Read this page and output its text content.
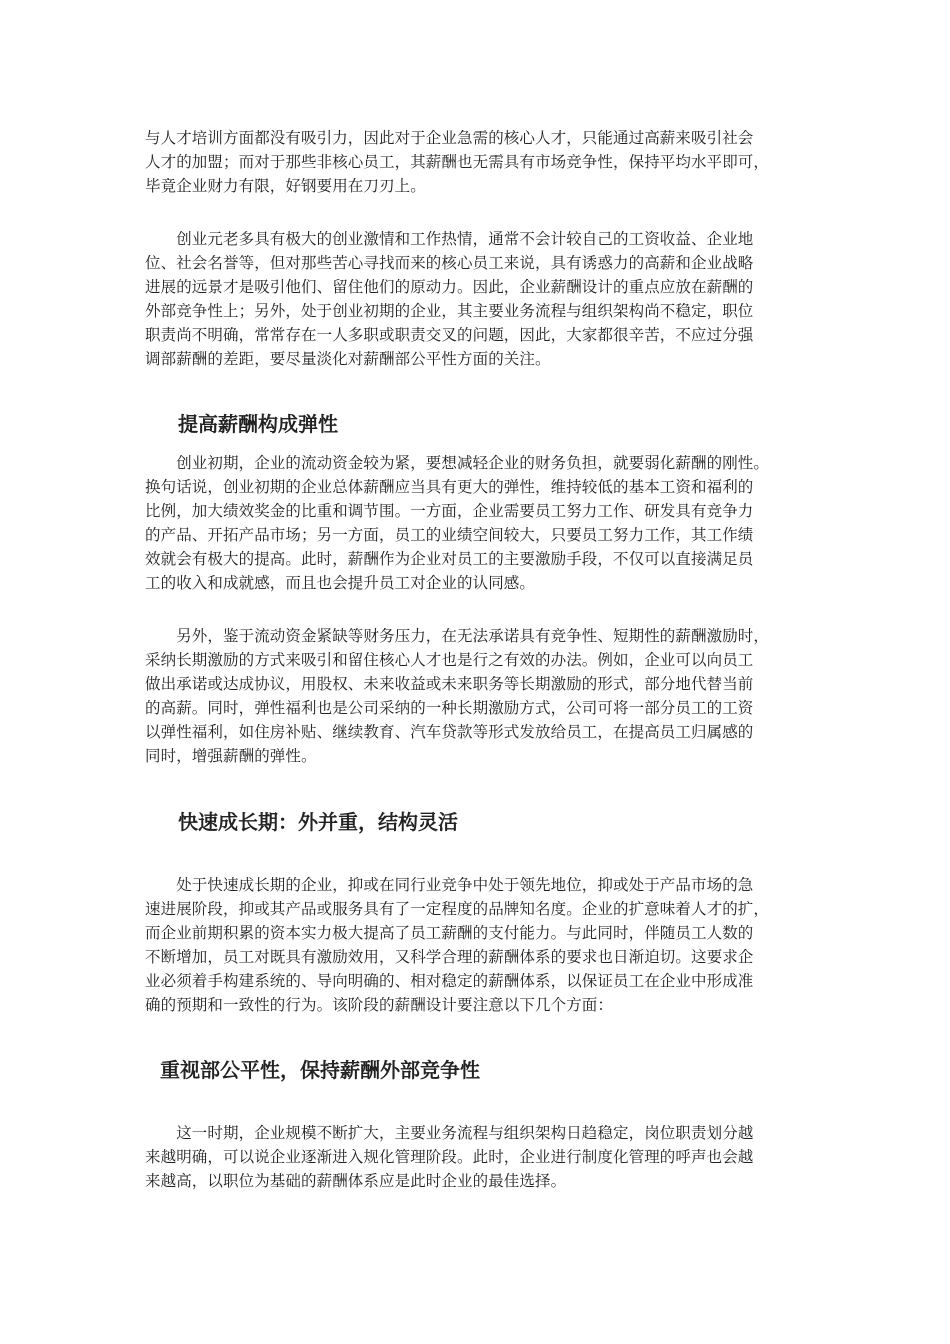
与人才培训方面都没有吸引力，因此对于企业急需的核心人才，只能通过高薪来吸引社会
人才的加盟；而对于那些非核心员工，其薪酬也无需具有市场竞争性，保持平均水平即可，
毕竟企业财力有限，好钢要用在刀刃上。

　　创业元老多具有极大的创业激情和工作热情，通常不会计较自己的工资收益、企业地
位、社会名誉等，但对那些苦心寻找而来的核心员工来说，具有诱惑力的高薪和企业战略
进展的远景才是吸引他们、留住他们的原动力。因此，企业薪酬设计的重点应放在薪酬的
外部竞争性上；另外，处于创业初期的企业，其主要业务流程与组织架构尚不稳定，职位
职责尚不明确，常常存在一人多职或职责交叉的问题，因此，大家都很辛苦，不应过分强
调部薪酬的差距，要尽量淡化对薪酬部公平性方面的关注。

提高薪酬构成弹性

　　创业初期，企业的流动资金较为紧，要想减轻企业的财务负担，就要弱化薪酬的刚性。
换句话说，创业初期的企业总体薪酬应当具有更大的弹性，维持较低的基本工资和福利的
比例，加大绩效奖金的比重和调节围。一方面，企业需要员工努力工作、研发具有竞争力
的产品、开拓产品市场；另一方面，员工的业绩空间较大，只要员工努力工作，其工作绩
效就会有极大的提高。此时，薪酬作为企业对员工的主要激励手段，不仅可以直接满足员
工的收入和成就感，而且也会提升员工对企业的认同感。

　　另外，鉴于流动资金紧缺等财务压力，在无法承诺具有竞争性、短期性的薪酬激励时，
采纳长期激励的方式来吸引和留住核心人才也是行之有效的办法。例如，企业可以向员工
做出承诺或达成协议，用股权、未来收益或未来职务等长期激励的形式，部分地代替当前
的高薪。同时，弹性福利也是公司采纳的一种长期激励方式，公司可将一部分员工的工资
以弹性福利，如住房补贴、继续教育、汽车贷款等形式发放给员工，在提高员工归属感的
同时，增强薪酬的弹性。

快速成长期：外并重，结构灵活

　　处于快速成长期的企业，抑或在同行业竞争中处于领先地位，抑或处于产品市场的急
速进展阶段，抑或其产品或服务具有了一定程度的品牌知名度。企业的扩意味着人才的扩，
而企业前期积累的资本实力极大提高了员工薪酬的支付能力。与此同时，伴随员工人数的
不断增加，员工对既具有激励效用，又科学合理的薪酬体系的要求也日渐迫切。这要求企
业必须着手构建系统的、导向明确的、相对稳定的薪酬体系，以保证员工在企业中形成准
确的预期和一致性的行为。该阶段的薪酬设计要注意以下几个方面：

重视部公平性，保持薪酬外部竞争性

　　这一时期，企业规模不断扩大，主要业务流程与组织架构日趋稳定，岗位职责划分越
来越明确，可以说企业逐渐进入规化管理阶段。此时，企业进行制度化管理的呼声也会越
来越高，以职位为基础的薪酬体系应是此时企业的最佳选择。
